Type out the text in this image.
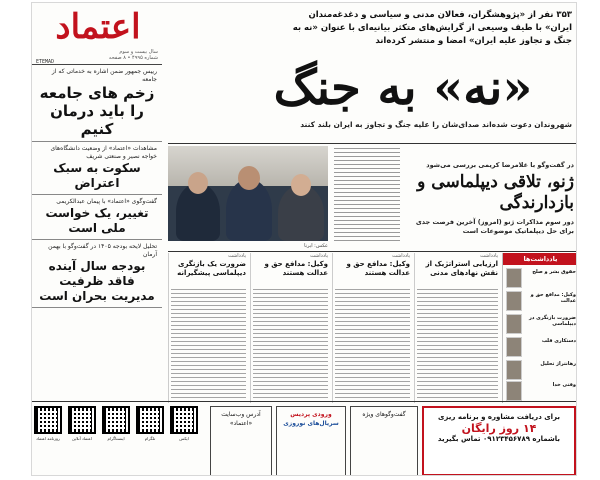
اعتماد
سال بیست و سوم
شماره ۴۹۹۵ • ۸ صفحه
ETEMAD
رییس جمهور ضمن اشاره به خدماتی که از جامعه
زخم های جامعه را باید درمان کنیم
مشاهدات «اعتماد» از وضعیت دانشگاه‌های خواجه نصیر و صنعتی شریف
سکوت به سبک اعتراض
گفت‌وگوی «اعتماد» با پیمان عبدالکریمی
تغییر، یک خواست ملی است
تحلیل لایحه بودجه ۱۴۰۵ در گفت‌وگو با بهمن آرمان
بودجه سال آینده فاقد ظرفیت مدیریت بحران است
۳۵۳ نفر از «پژوهشگران، فعالان مدنی و سیاسی و دغدغه‌مندان ایران» با طیف وسیعی از گرایش‌های متکثر بیانیه‌ای با عنوان «نه به جنگ و تجاوز علیه ایران» امضا و منتشر کرده‌اند
«نه» به جنگ
شهروندان دعوت شده‌اند صدای‌شان را علیه جنگ و تجاوز به ایران بلند کنند
عکس: ایرنا
در گفت‌وگو با غلامرضا کریمی بررسی می‌شود
ژنو، تلاقی دیپلماسی و بازدارندگی
دور سوم مذاکرات ژنو (امروز) آخرین فرصت جدی برای حل دیپلماتیک موضوعات است
یادداشت
ضرورت یک بازنگری دیپلماسی پیشگیرانه
یادداشت
وکیل: مدافع حق و عدالت هستند
یادداشت
وکیل: مدافع حق و عدالت هستند
یادداشت
ارزیابی استراتژیک از نقش نهادهای مدنی
یادداشت‌ها
حقوق بشر و صلح
وکیل: مدافع حق و عدالت
ضرورت بازنگری در دیپلماسی
دستکاری قلب
رهانتراژ تحلیل
وقتی خدا
روزنامه اعتماد	اعتماد آنلاین	اینستاگرام	تلگرام	ایکس
آدرس وب‌سایت «اعتماد»
ورودی پردیس
سریال‌های نوروزی
گفت‌وگوهای ویژه	برای دریافت مشاوره و برنامه ریزی
۱۴ روز رایگان
باشماره ۰۹۱۲۳۴۵۶۷۸۹ تماس بگیرید
